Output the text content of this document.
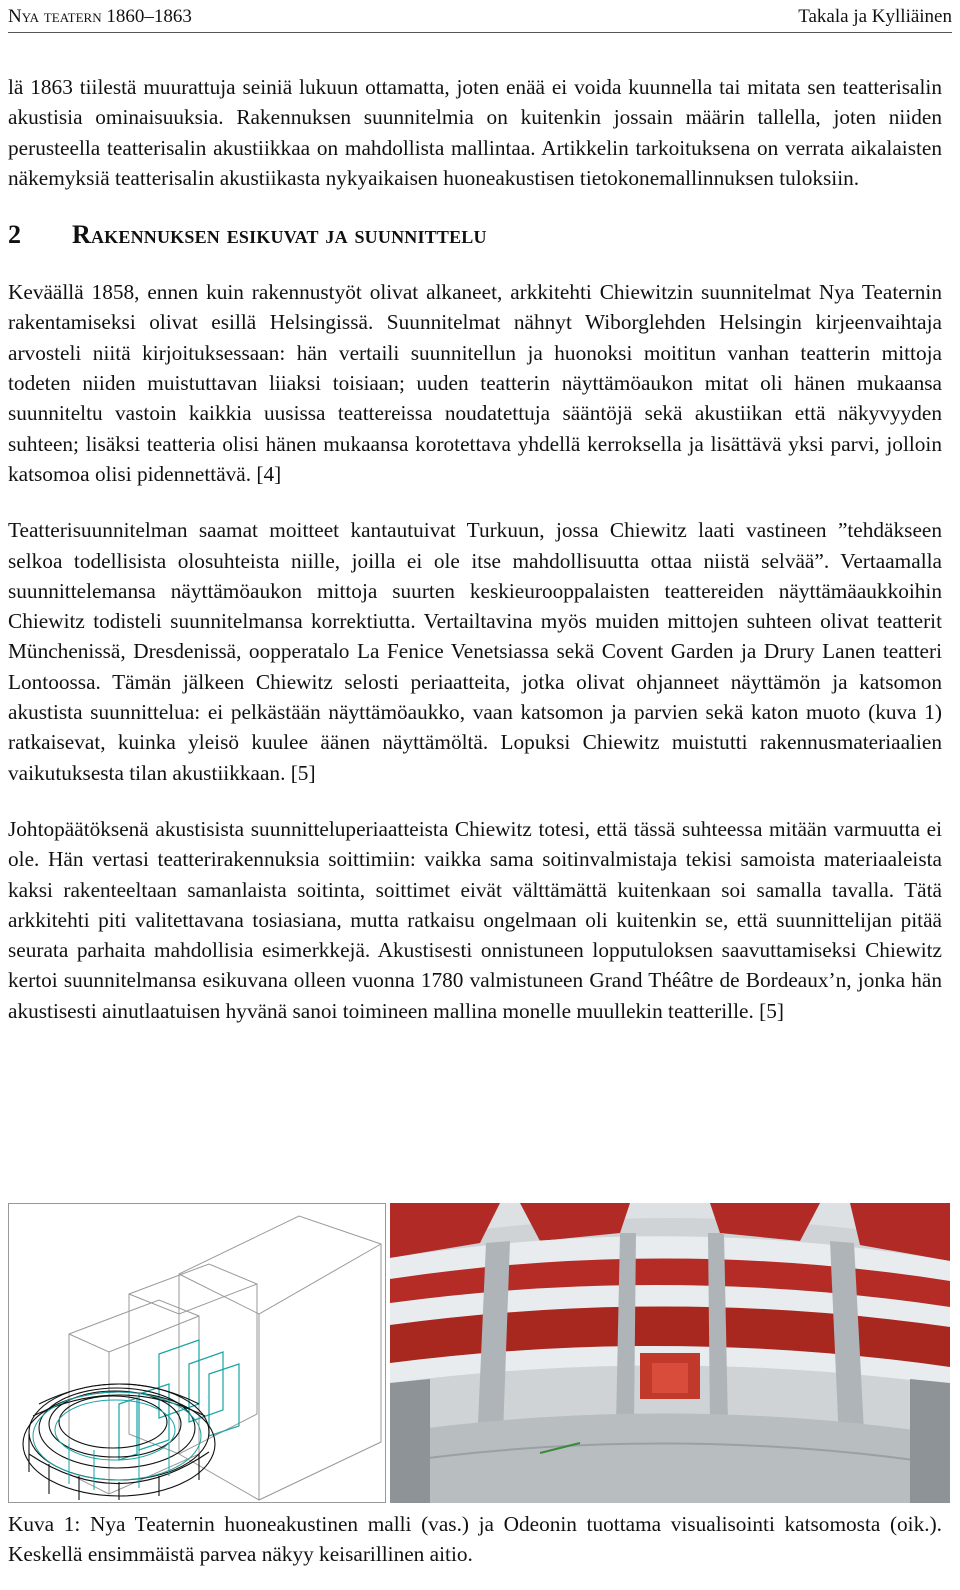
Nya teatern 1860–1863	Takala ja Kylliäinen

lä 1863 tiilestä muurattuja seiniä lukuun ottamatta, joten enää ei voida kuunnella tai mitata sen teatterisalin akustisia ominaisuuksia. Rakennuksen suunnitelmia on kuitenkin jossain määrin tallella, joten niiden perusteella teatterisalin akustiikkaa on mahdollista mallintaa. Artikkelin tarkoituksena on verrata aikalaisten näkemyksiä teatterisalin akustiikasta nykyaikaisen huoneakustisen tietokonemallinnuksen tuloksiin.

2 Rakennuksen esikuvat ja suunnittelu

Keväällä 1858, ennen kuin rakennustyöt olivat alkaneet, arkkitehti Chiewitzin suunnitelmat Nya Teaternin rakentamiseksi olivat esillä Helsingissä. Suunnitelmat nähnyt Wiborglehden Helsingin kirjeenvaihtaja arvosteli niitä kirjoituksessaan: hän vertaili suunnitellun ja huonoksi moititun vanhan teatterin mittoja todeten niiden muistuttavan liiaksi toisiaan; uuden teatterin näyttämöaukon mitat oli hänen mukaansa suunniteltu vastoin kaikkia uusissa teattereissa noudatettuja sääntöjä sekä akustiikan että näkyvyyden suhteen; lisäksi teatteria olisi hänen mukaansa korotettava yhdellä kerroksella ja lisättävä yksi parvi, jolloin katsomoa olisi pidennettävä. [4]

Teatterisuunnitelman saamat moitteet kantautuivat Turkuun, jossa Chiewitz laati vastineen ”tehdäkseen selkoa todellisista olosuhteista niille, joilla ei ole itse mahdollisuutta ottaa niistä selvää”. Vertaamalla suunnittelemansa näyttämöaukon mittoja suurten keskieurooppalaisten teattereiden näyttämäaukkoihin Chiewitz todisteli suunnitelmansa korrektiutta. Vertailtavina myös muiden mittojen suhteen olivat teatterit Münchenissä, Dresdenissä, oopperatalo La Fenice Venetsiassa sekä Covent Garden ja Drury Lanen teatteri Lontoossa. Tämän jälkeen Chiewitz selosti periaatteita, jotka olivat ohjanneet näyttämön ja katsomon akustista suunnittelua: ei pelkästään näyttämöaukko, vaan katsomon ja parvien sekä katon muoto (kuva 1) ratkaisevat, kuinka yleisö kuulee äänen näyttämöltä. Lopuksi Chiewitz muistutti rakennusmateriaalien vaikutuksesta tilan akustiikkaan. [5]

Johtopäätöksenä akustisista suunnitteluperiaatteista Chiewitz totesi, että tässä suhteessa mitään varmuutta ei ole. Hän vertasi teatterirakennuksia soittimiin: vaikka sama soitinvalmistaja tekisi samoista materiaaleista kaksi rakenteeltaan samanlaista soitinta, soittimet eivät välttämättä kuitenkaan soi samalla tavalla. Tätä arkkitehti piti valitettavana tosiasiana, mutta ratkaisu ongelmaan oli kuitenkin se, että suunnittelijan pitää seurata parhaita mahdollisia esimerkkejä. Akustisesti onnistuneen lopputuloksen saavuttamiseksi Chiewitz kertoi suunnitelmansa esikuvana olleen vuonna 1780 valmistuneen Grand Théâtre de Bordeaux’n, jonka hän akustisesti ainutlaatuisen hyvänä sanoi toimineen mallina monelle muullekin teatterille. [5]

Kuva 1: Nya Teaternin huoneakustinen malli (vas.) ja Odeonin tuottama visualisointi katsomosta (oik.). Keskellä ensimmäistä parvea näkyy keisarillinen aitio.
